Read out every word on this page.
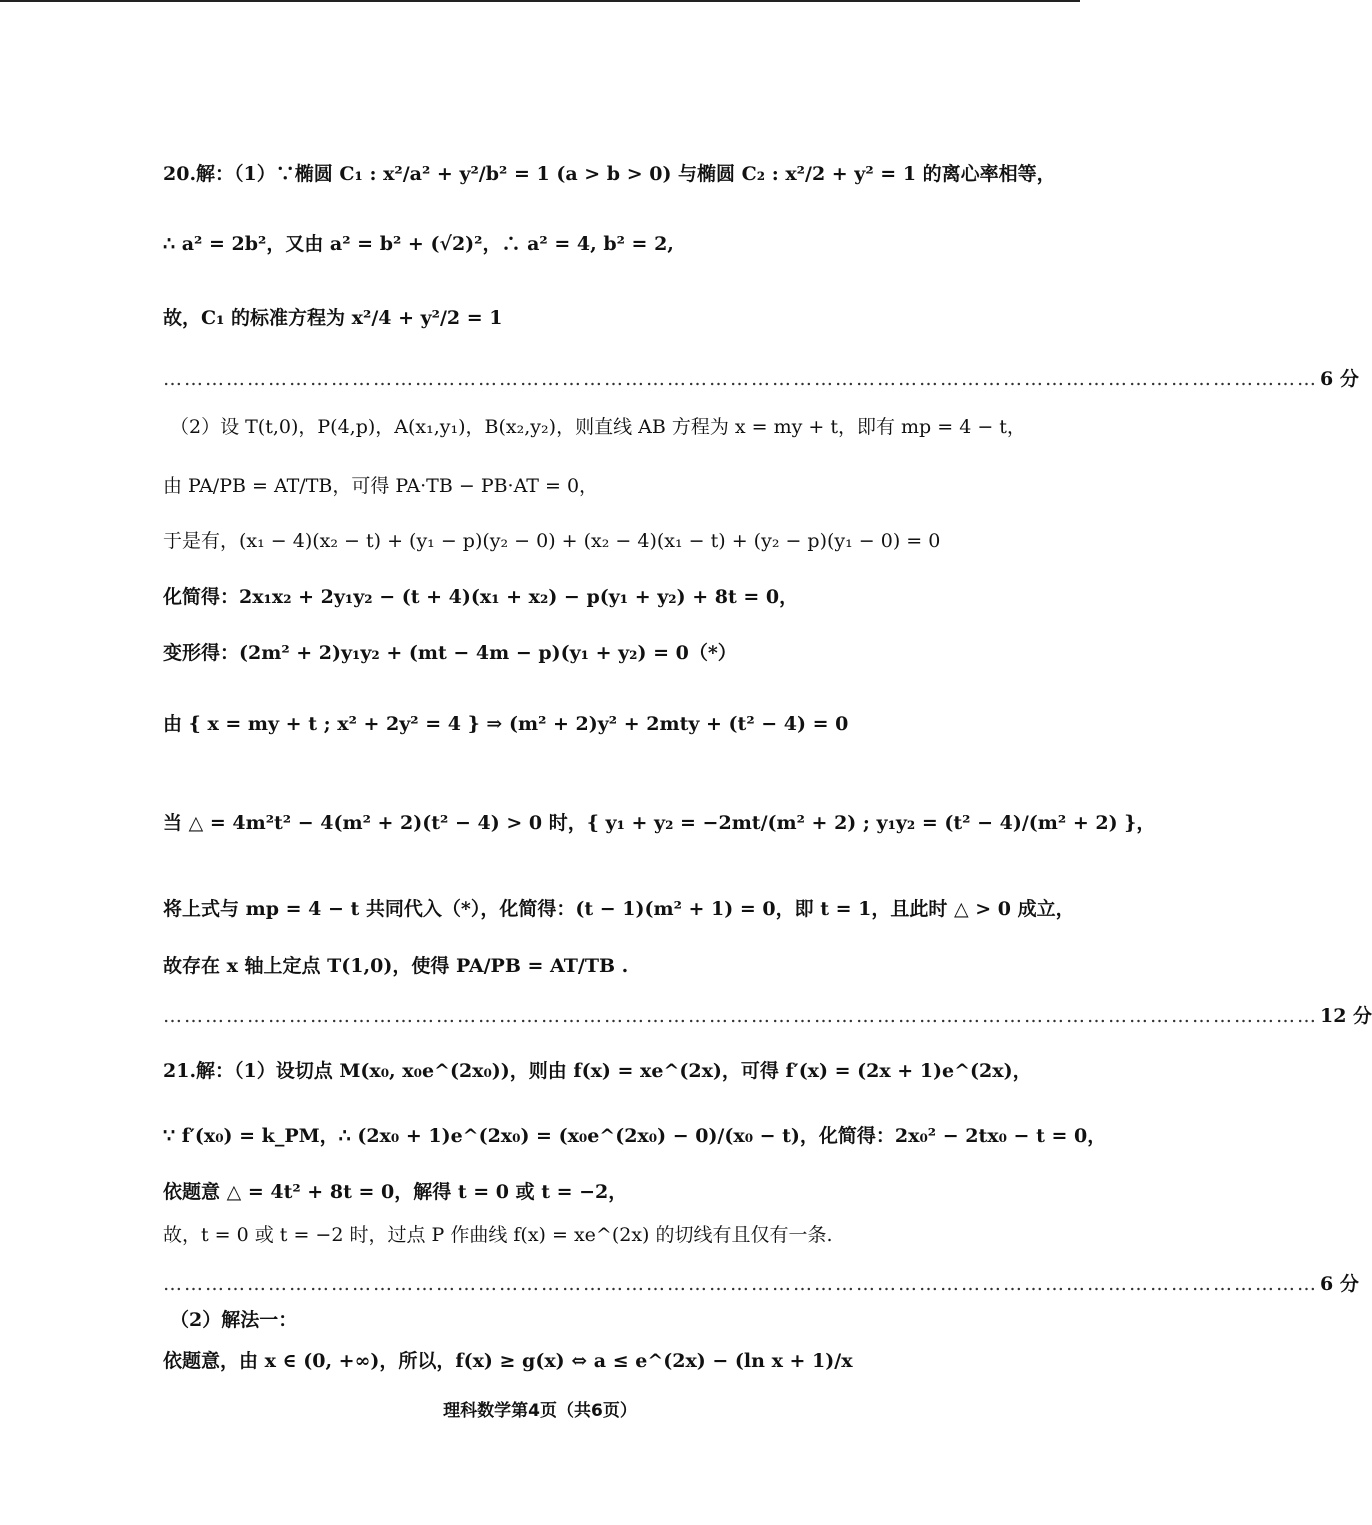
20.解：（1）∵椭圆 C₁ : x²/a² + y²/b² = 1 (a > b > 0) 与椭圆 C₂ : x²/2 + y² = 1 的离心率相等，
∴ a² = 2b²，又由 a² = b² + (√2)²，∴ a² = 4, b² = 2,
故，C₁ 的标准方程为 x²/4 + y²/2 = 1
………………………………………………………………………………………………………………………………………………… 6 分
（2）设 T(t,0)，P(4,p)，A(x₁,y₁)，B(x₂,y₂)，则直线 AB 方程为 x = my + t，即有 mp = 4 − t，
由 PA/PB = AT/TB，可得 PA·TB − PB·AT = 0，
于是有，(x₁ − 4)(x₂ − t) + (y₁ − p)(y₂ − 0) + (x₂ − 4)(x₁ − t) + (y₂ − p)(y₁ − 0) = 0
化简得：2x₁x₂ + 2y₁y₂ − (t + 4)(x₁ + x₂) − p(y₁ + y₂) + 8t = 0，
变形得：(2m² + 2)y₁y₂ + (mt − 4m − p)(y₁ + y₂) = 0（*）
由 { x = my + t ; x² + 2y² = 4 } ⇒ (m² + 2)y² + 2mty + (t² − 4) = 0
当 △ = 4m²t² − 4(m² + 2)(t² − 4) > 0 时，{ y₁ + y₂ = −2mt/(m² + 2) ; y₁y₂ = (t² − 4)/(m² + 2) }，
将上式与 mp = 4 − t 共同代入（*），化简得：(t − 1)(m² + 1) = 0，即 t = 1，且此时 △ > 0 成立，
故存在 x 轴上定点 T(1,0)，使得 PA/PB = AT/TB .
………………………………………………………………………………………………………………………………………………… 12 分
21.解：（1）设切点 M(x₀, x₀e^(2x₀))，则由 f(x) = xe^(2x)，可得 f′(x) = (2x + 1)e^(2x)，
∵ f′(x₀) = k_PM，∴ (2x₀ + 1)e^(2x₀) = (x₀e^(2x₀) − 0)/(x₀ − t)，化简得：2x₀² − 2tx₀ − t = 0，
依题意 △ = 4t² + 8t = 0，解得 t = 0 或 t = −2，
故，t = 0 或 t = −2 时，过点 P 作曲线 f(x) = xe^(2x) 的切线有且仅有一条.
………………………………………………………………………………………………………………………………………………… 6 分
（2）解法一：
依题意，由 x ∈ (0, +∞)，所以，f(x) ≥ g(x) ⇔ a ≤ e^(2x) − (ln x + 1)/x
理科数学第4页（共6页）
